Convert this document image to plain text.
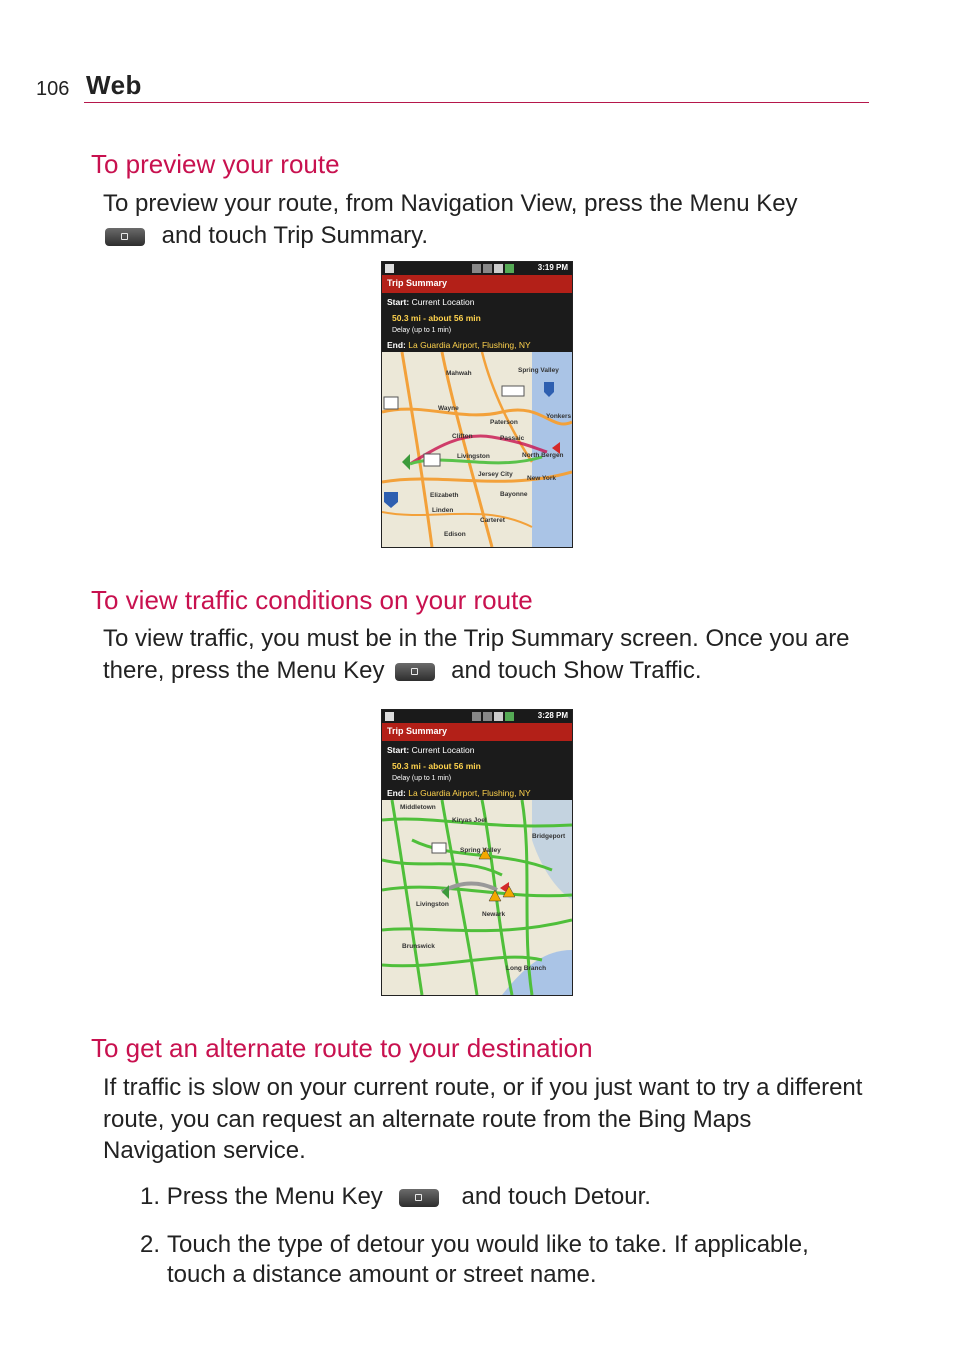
106 Web
To preview your route
To preview your route, from Navigation View, press the Menu Key
and touch Trip Summary.
3:19 PM
Trip Summary
Start: Current Location
50.3 mi - about 56 min
Delay (up to 1 min)
End: La Guardia Airport, Flushing, NY
Mahwah
Wayne
Paterson
Passaic
Clifton
Livingston
Jersey City
Bayonne
Elizabeth
Linden
Carteret
Edison
New York
North Bergen
Spring Valley
Yonkers
To view traffic conditions on your route
To view traffic, you must be in the Trip Summary screen. Once you are there, press the Menu Key	and touch Show Traffic.
3:28 PM
Trip Summary
Start: Current Location
50.3 mi - about 56 min
Delay (up to 1 min)
End: La Guardia Airport, Flushing, NY
Middletown
Kiryas Joel
Spring Valley
Livingston
Newark
Brunswick
Long Branch
Bridgeport
To get an alternate route to your destination
If traffic is slow on your current route, or if you just want to try a different route, you can request an alternate route from the Bing Maps Navigation service.
1. Press the Menu Key	and touch Detour.
2. Touch the type of detour you would like to take. If applicable, touch a distance amount or street name.
